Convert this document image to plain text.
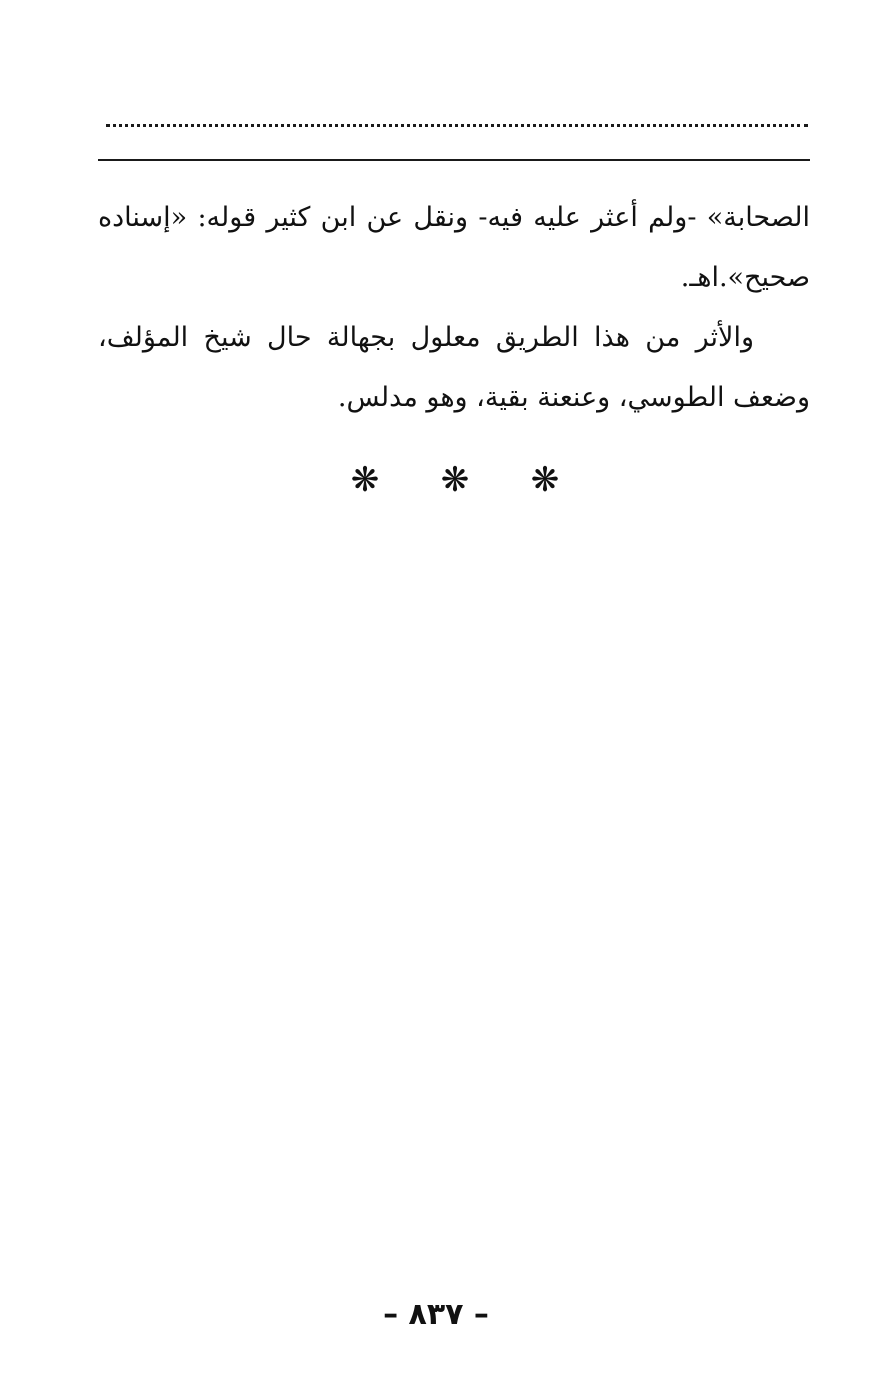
الصحابة» -ولم أعثر عليه فيه- ونقل عن ابن كثير قوله: «إسناده صحيح».اهـ.

والأثر من هذا الطريق معلول بجهالة حال شيخ المؤلف، وضعف الطوسي، وعنعنة بقية، وهو مدلس.

❋	❋	❋
– ٨٣٧ –
